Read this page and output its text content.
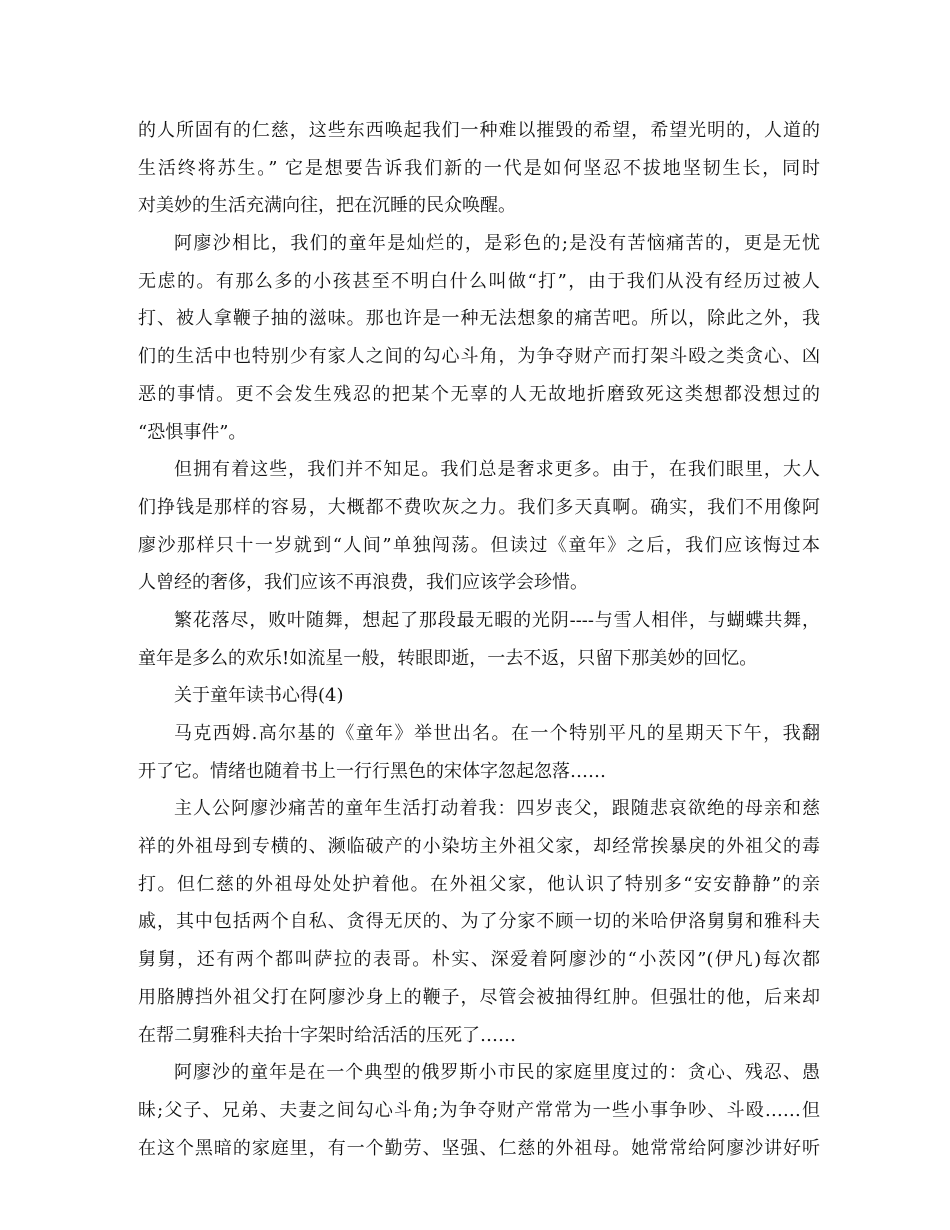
的人所固有的仁慈，这些东西唤起我们一种难以摧毁的希望，希望光明的，人道的
生活终将苏生。” 它是想要告诉我们新的一代是如何坚忍不拔地坚韧生长，同时
对美妙的生活充满向往，把在沉睡的民众唤醒。
阿廖沙相比，我们的童年是灿烂的，是彩色的;是没有苦恼痛苦的，更是无忧
无虑的。有那么多的小孩甚至不明白什么叫做“打”，由于我们从没有经历过被人
打、被人拿鞭子抽的滋味。那也许是一种无法想象的痛苦吧。所以，除此之外，我
们的生活中也特别少有家人之间的勾心斗角，为争夺财产而打架斗殴之类贪心、凶
恶的事情。更不会发生残忍的把某个无辜的人无故地折磨致死这类想都没想过的
“恐惧事件”。
但拥有着这些，我们并不知足。我们总是奢求更多。由于，在我们眼里，大人
们挣钱是那样的容易，大概都不费吹灰之力。我们多天真啊。确实，我们不用像阿
廖沙那样只十一岁就到“人间”单独闯荡。但读过《童年》之后，我们应该悔过本
人曾经的奢侈，我们应该不再浪费，我们应该学会珍惜。
繁花落尽，败叶随舞，想起了那段最无暇的光阴----与雪人相伴，与蝴蝶共舞，
童年是多么的欢乐!如流星一般，转眼即逝，一去不返，只留下那美妙的回忆。
关于童年读书心得(4)
马克西姆.高尔基的《童年》举世出名。在一个特别平凡的星期天下午，我翻
开了它。情绪也随着书上一行行黑色的宋体字忽起忽落……
主人公阿廖沙痛苦的童年生活打动着我：四岁丧父，跟随悲哀欲绝的母亲和慈
祥的外祖母到专横的、濒临破产的小染坊主外祖父家，却经常挨暴戾的外祖父的毒
打。但仁慈的外祖母处处护着他。在外祖父家，他认识了特别多“安安静静”的亲
戚，其中包括两个自私、贪得无厌的、为了分家不顾一切的米哈伊洛舅舅和雅科夫
舅舅，还有两个都叫萨拉的表哥。朴实、深爱着阿廖沙的“小茨冈”(伊凡)每次都
用胳膊挡外祖父打在阿廖沙身上的鞭子，尽管会被抽得红肿。但强壮的他，后来却
在帮二舅雅科夫抬十字架时给活活的压死了……
阿廖沙的童年是在一个典型的俄罗斯小市民的家庭里度过的：贪心、残忍、愚
昧;父子、兄弟、夫妻之间勾心斗角;为争夺财产常常为一些小事争吵、斗殴……但
在这个黑暗的家庭里，有一个勤劳、坚强、仁慈的外祖母。她常常给阿廖沙讲好听
